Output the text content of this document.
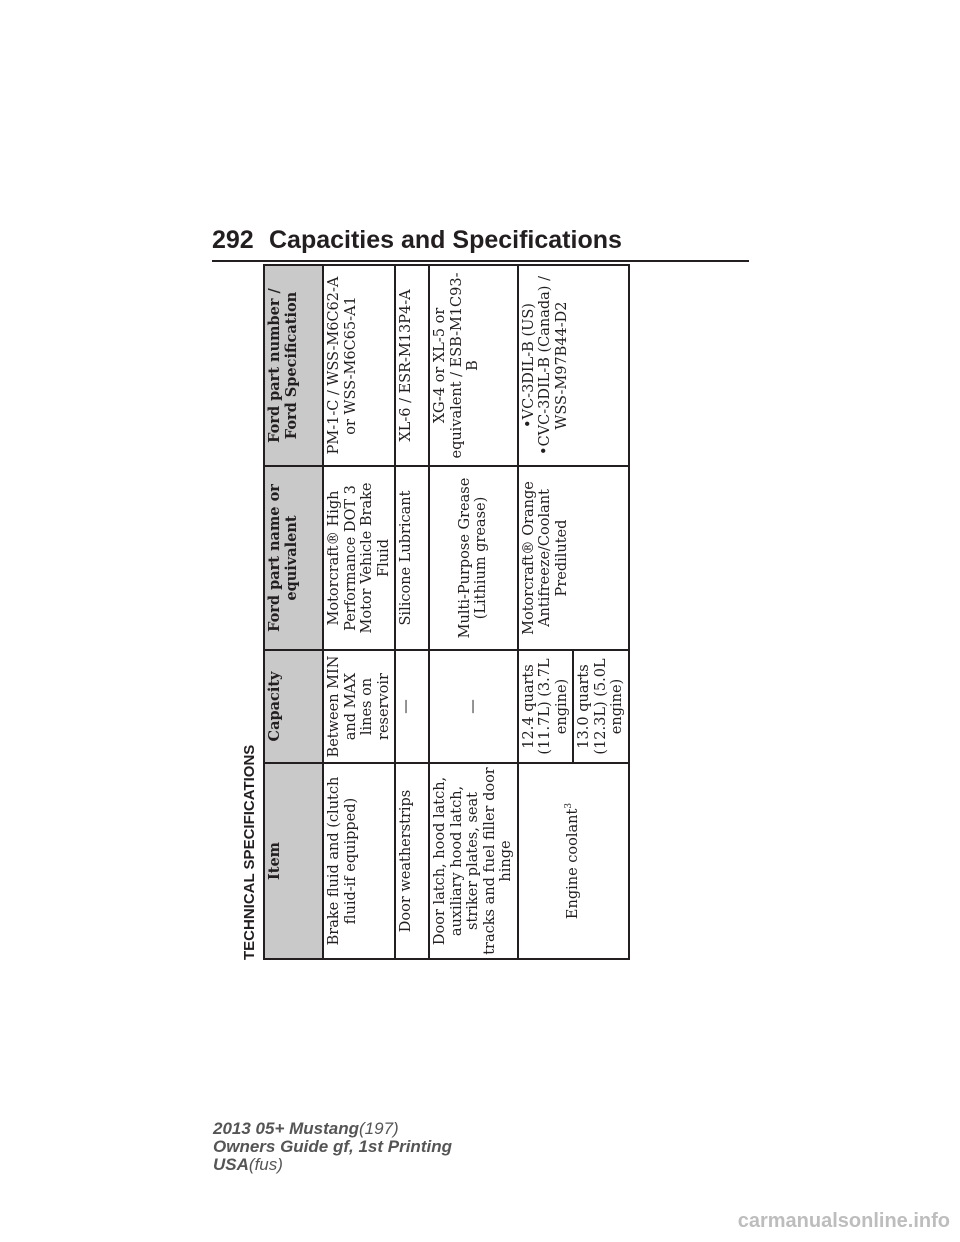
292 Capacities and Specifications
TECHNICAL SPECIFICATIONS Item	Capacity	Ford part name or equivalent	Ford part number / Ford Specification
Brake fluid and (clutch fluid-if equipped)	Between MIN and MAX lines on reservoir	Motorcraft® High Performance DOT 3 Motor Vehicle Brake Fluid	PM-1-C / WSS-M6C62-A or WSS-M6C65-A1
Door weatherstrips	—	Silicone Lubricant	XL-6 / ESR-M13P4-A
Door latch, hood latch, auxiliary hood latch, striker plates, seat tracks and fuel filler door hinge	—	Multi-Purpose Grease (Lithium grease)	XG-4 or XL-5 or equivalent / ESB-M1C93-B
Engine coolant$^3$	12.4 quarts (11.7L) (3.7L engine)	Motorcraft® Orange Antifreeze/Coolant Prediluted	•VC-3DIL-B (US) •CVC-3DIL-B (Canada) / WSS-M97B44-D2

	13.0 quarts (12.3L) (5.0L engine)		
2013 05+ Mustang(197)
Owners Guide gf, 1st Printing
USA(fus)
carmanualsonline.info
